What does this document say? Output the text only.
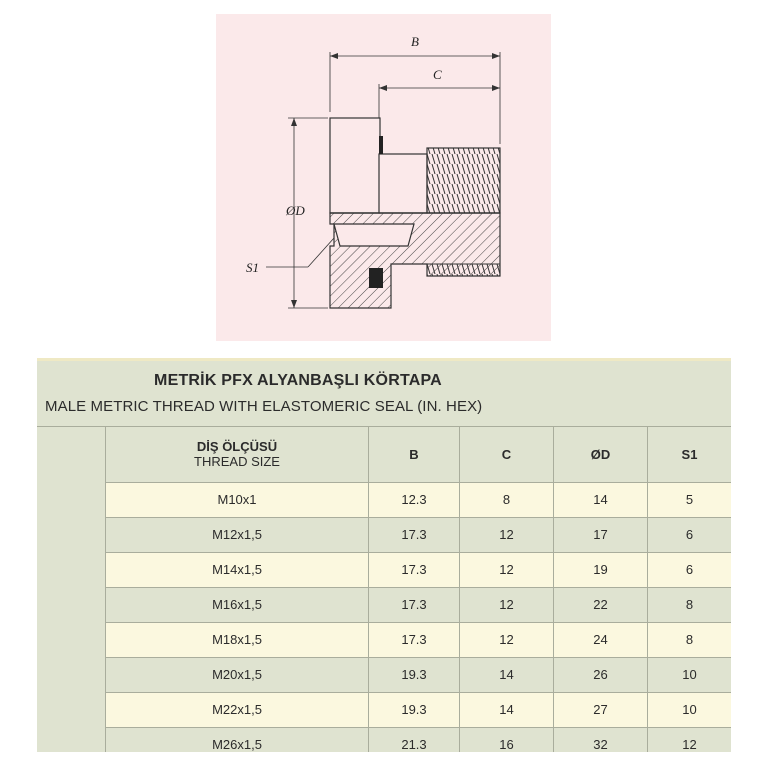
B
C
ØD
S1
METRİK PFX ALYANBAŞLI KÖRTAPA
MALE METRIC THREAD WITH ELASTOMERIC SEAL (IN. HEX)
DİŞ ÖLÇÜSÜ
THREAD SIZE	B	C	ØD	S1
M10x1	12.3	8	14	5
M12x1,5	17.3	12	17	6
M14x1,5	17.3	12	19	6
M16x1,5	17.3	12	22	8
M18x1,5	17.3	12	24	8
M20x1,5	19.3	14	26	10
M22x1,5	19.3	14	27	10
M26x1,5	21.3	16	32	12
